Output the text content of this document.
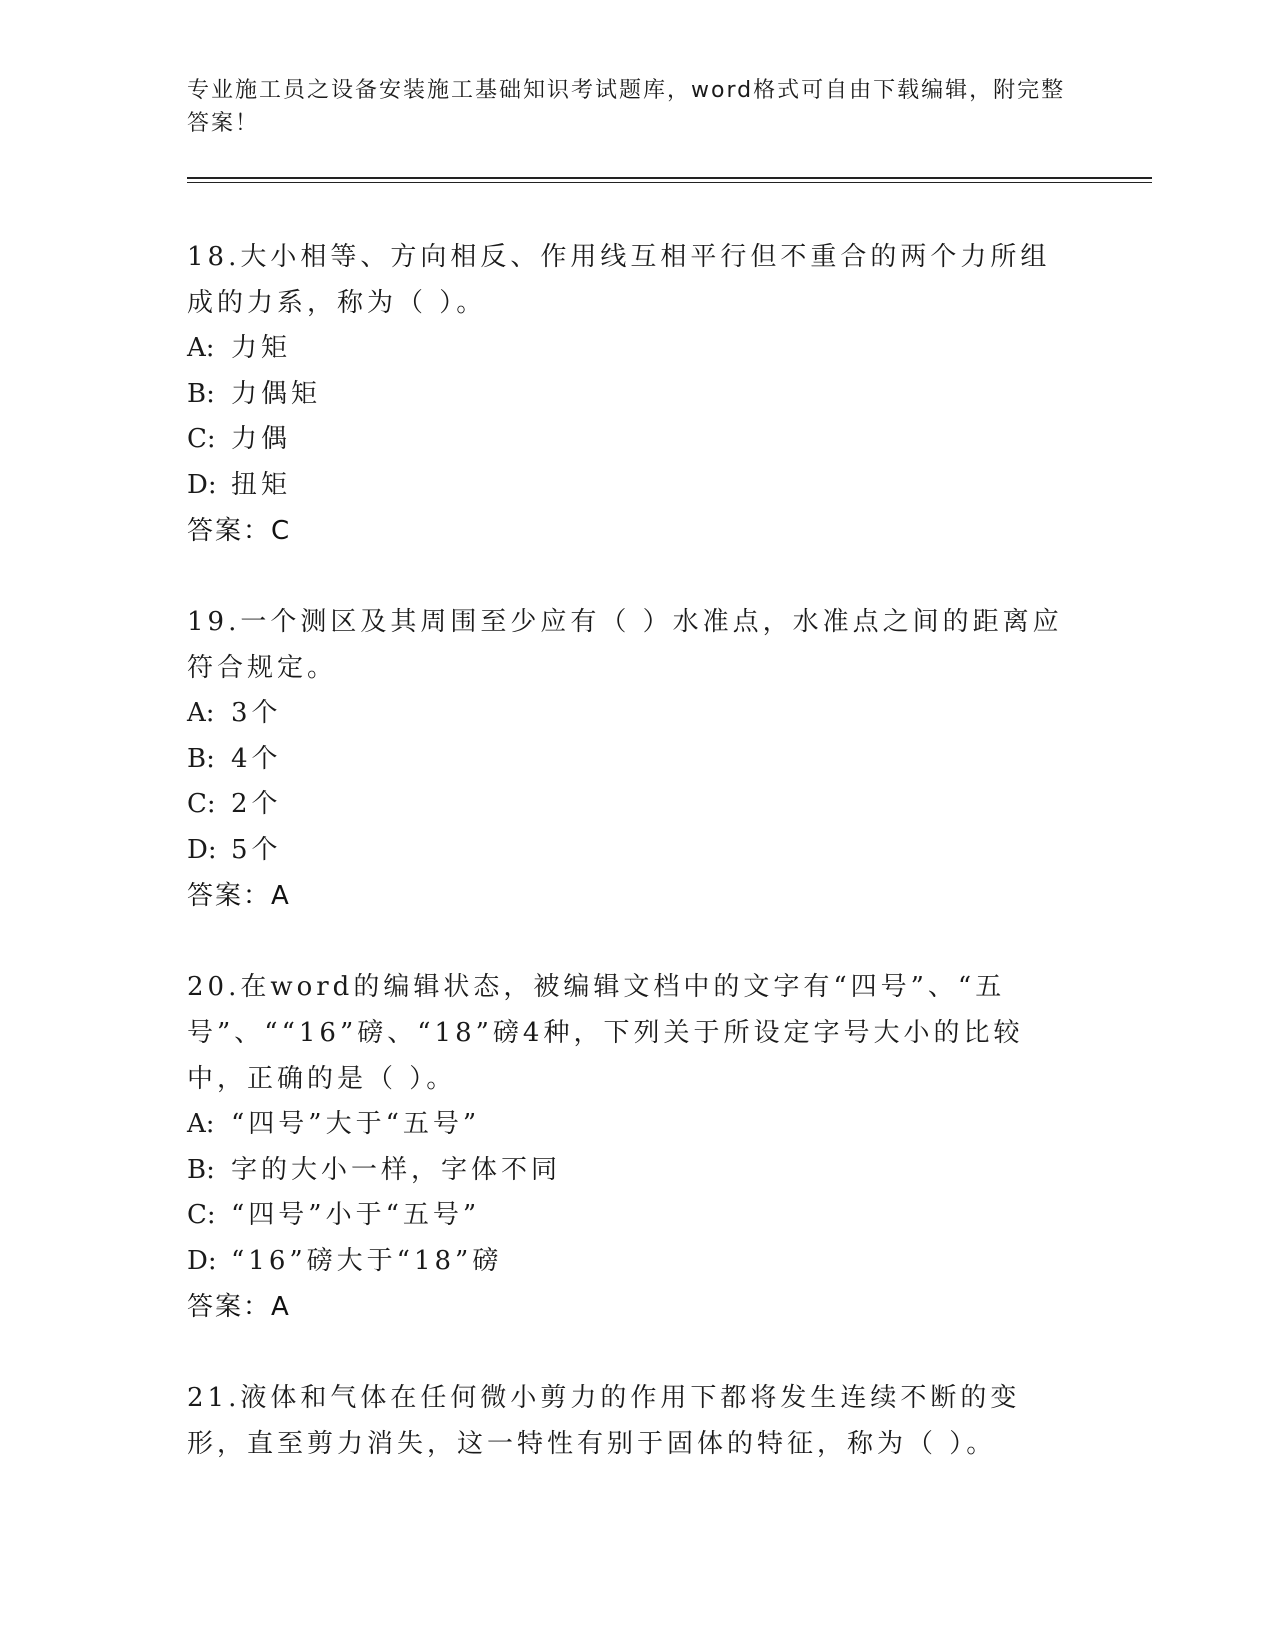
专业施工员之设备安装施工基础知识考试题库，word格式可自由下载编辑，附完整答案！
18.大小相等、方向相反、作用线互相平行但不重合的两个力所组成的力系，称为（ ）。
A: 力矩
B: 力偶矩
C: 力偶
D: 扭矩
答案：C
19.一个测区及其周围至少应有（ ）水准点，水准点之间的距离应符合规定。
A: 3个
B: 4个
C: 2个
D: 5个
答案：A
20.在word的编辑状态，被编辑文档中的文字有“四号”、“五号”、““16”磅、“18”磅4种，下列关于所设定字号大小的比较中，正确的是（ ）。
A: “四号”大于“五号”
B: 字的大小一样，字体不同
C: “四号”小于“五号”
D: “16”磅大于“18”磅
答案：A
21.液体和气体在任何微小剪力的作用下都将发生连续不断的变形，直至剪力消失，这一特性有别于固体的特征，称为（ ）。
